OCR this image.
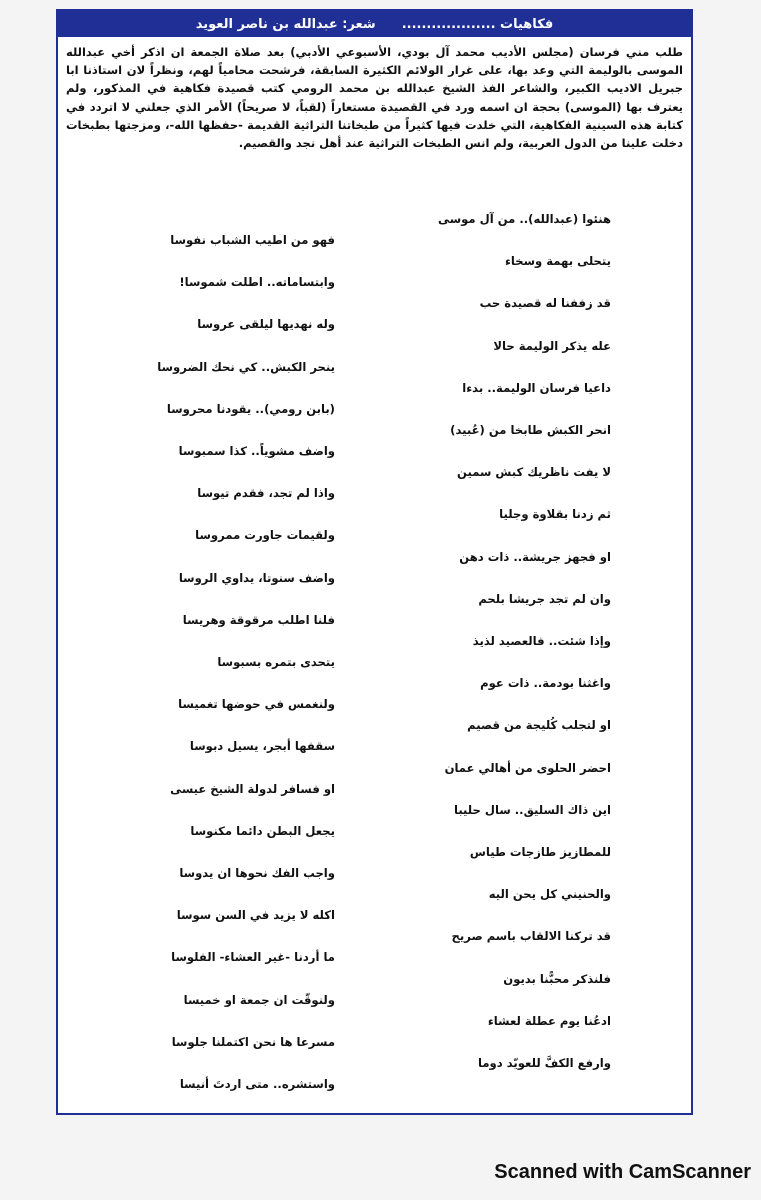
فكاهيات ...................
شعر: عبدالله بن ناصر العويد
طلب مني فرسان (مجلس الأديب محمد آل بودي، الأسبوعي الأدبي) بعد صلاة الجمعة ان اذكر أخي عبدالله الموسى بالوليمة التي وعد بها، على غرار الولائم الكثيرة السابقة، فرشحت محامياً لهم، ونظراً لان استاذنا ابا جبريل الاديب الكبير، والشاعر الفذ الشيخ عبدالله بن محمد الرومي كتب قصيدة فكاهية في المذكور، ولم يعترف بها (الموسى) بحجة ان اسمه ورد في القصيدة مستعاراً (لقباً، لا صريحاً) الأمر الذي جعلني لا اتردد في كتابة هذه السينية الفكاهية، التي خلدت فيها كثيراً من طبخاتنا التراثية القديمة -حفظها الله-، ومزجتها بطبخات دخلت علينا من الدول العربية، ولم انس الطبخات التراثية عند أهل نجد والقصيم.
هنئوا (عبدالله).. من آل موسى
يتحلى بهمة وسخاء
قد زففنا له قصيدة حب
عله يذكر الوليمة حالا
داعيا فرسان الوليمة.. بدءا
انحر الكبش طابخا من (عُبيد)
لا يفت ناظريك كبش سمين
ثم زدنا بقلاوة وجليا
او فجهز جريشة.. ذات دهن
وان لم تجد جريشا بلحم
وإذا شئت.. فالعصيد لذيذ
واغثنا بودمة.. ذات عوم
او لتجلب كُليجة من قصيم
احضر الحلوى من أهالي عمان
اين ذاك السليق.. سال حليبا
للمطازيز طازجات طياس
والحنيني كل يحن اليه
قد تركنا الالقاب باسم صريح
فلنذكر محبًّنا بديون
ادعُنا يوم عطلة لعشاء
وارفع الكفَّ للعويّد دوما
فهو من اطيب الشباب نفوسا
وابتساماته.. اطلت شموسا!
وله نهديها ليلقى عروسا
ينحر الكبش.. كي نحك الضروسا
(بابن رومي).. يقودنا محروسا
واضف مشوياً.. كذا سمبوسا
واذا لم تجد، فقدم تيوسا
ولقيمات جاورت ممروسا
واضف سنوتا، يداوي الروسا
فلنا اطلب مرقوقة وهريسا
يتحدى بتمره بسبوسا
ولنغمس في حوضها تغميسا
سقفها أبجر، يسيل دبوسا
او فسافر لدولة الشيخ عيسى
يجعل البطن دائما مكنوسا
واجب الفك نحوها ان يدوسا
اكله لا يزيد في السن سوسا
ما أردنا -غير العشاء- الفلوسا
ولنوقّت ان جمعة او خميسا
مسرعا ها نحن اكتملنا جلوسا
واستشره.. متى اردتَ أنيسا
Scanned with CamScanner
